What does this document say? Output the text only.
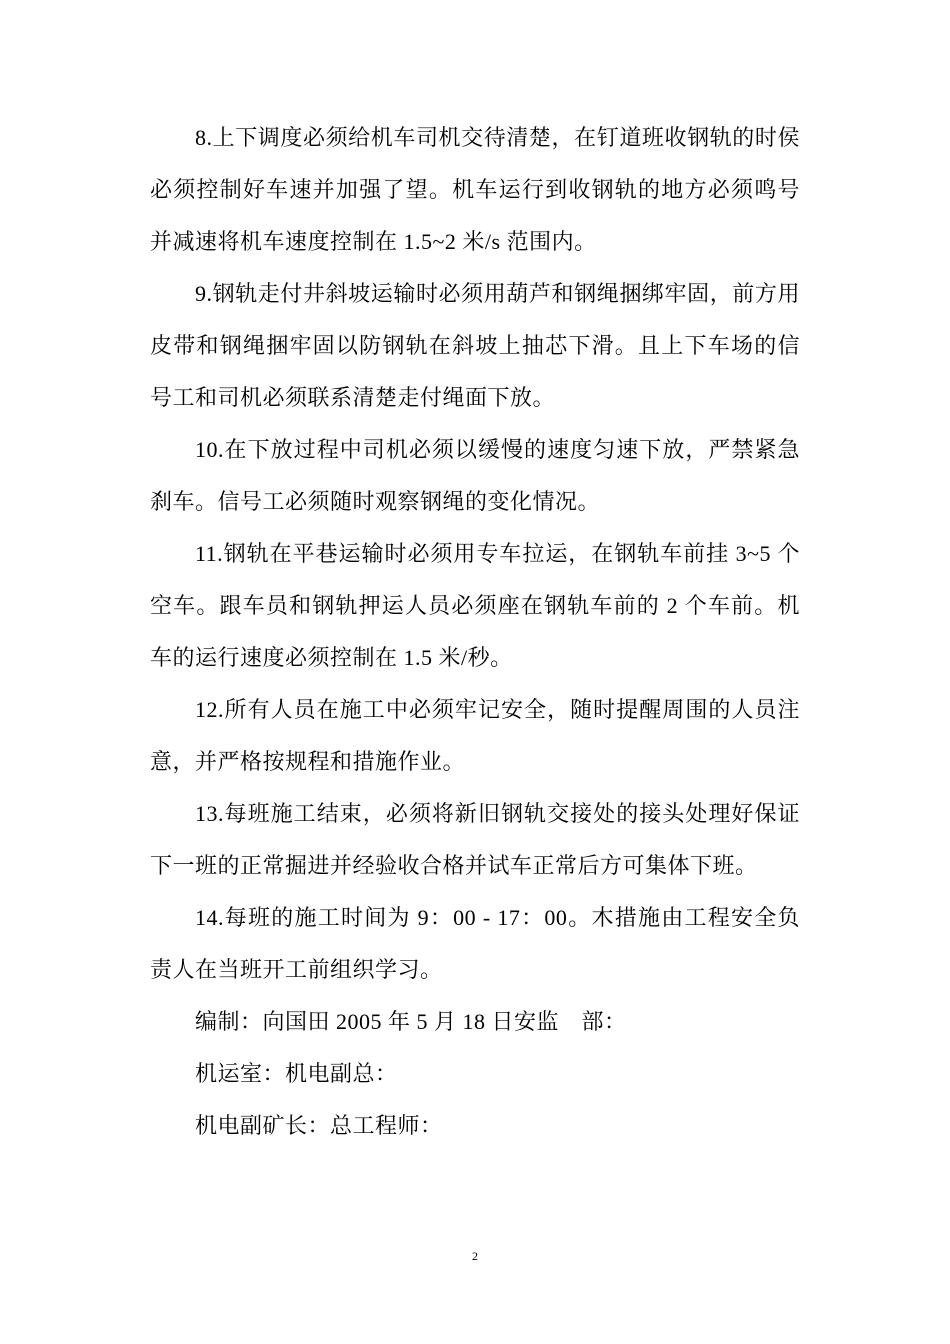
8.上下调度必须给机车司机交待清楚，在钉道班收钢轨的时侯必须控制好车速并加强了望。机车运行到收钢轨的地方必须鸣号并减速将机车速度控制在 1.5~2 米/s 范围内。

9.钢轨走付井斜坡运输时必须用葫芦和钢绳捆绑牢固，前方用皮带和钢绳捆牢固以防钢轨在斜坡上抽芯下滑。且上下车场的信号工和司机必须联系清楚走付绳面下放。

10.在下放过程中司机必须以缓慢的速度匀速下放，严禁紧急刹车。信号工必须随时观察钢绳的变化情况。

11.钢轨在平巷运输时必须用专车拉运，在钢轨车前挂 3~5 个空车。跟车员和钢轨押运人员必须座在钢轨车前的 2 个车前。机车的运行速度必须控制在 1.5 米/秒。

12.所有人员在施工中必须牢记安全，随时提醒周围的人员注意，并严格按规程和措施作业。

13.每班施工结束，必须将新旧钢轨交接处的接头处理好保证下一班的正常掘进并经验收合格并试车正常后方可集体下班。

14.每班的施工时间为 9：00 - 17：00。木措施由工程安全负责人在当班开工前组织学习。

编制：向国田 2005 年 5 月 18 日安监　部：

机运室：机电副总：

机电副矿长：总工程师：

2
